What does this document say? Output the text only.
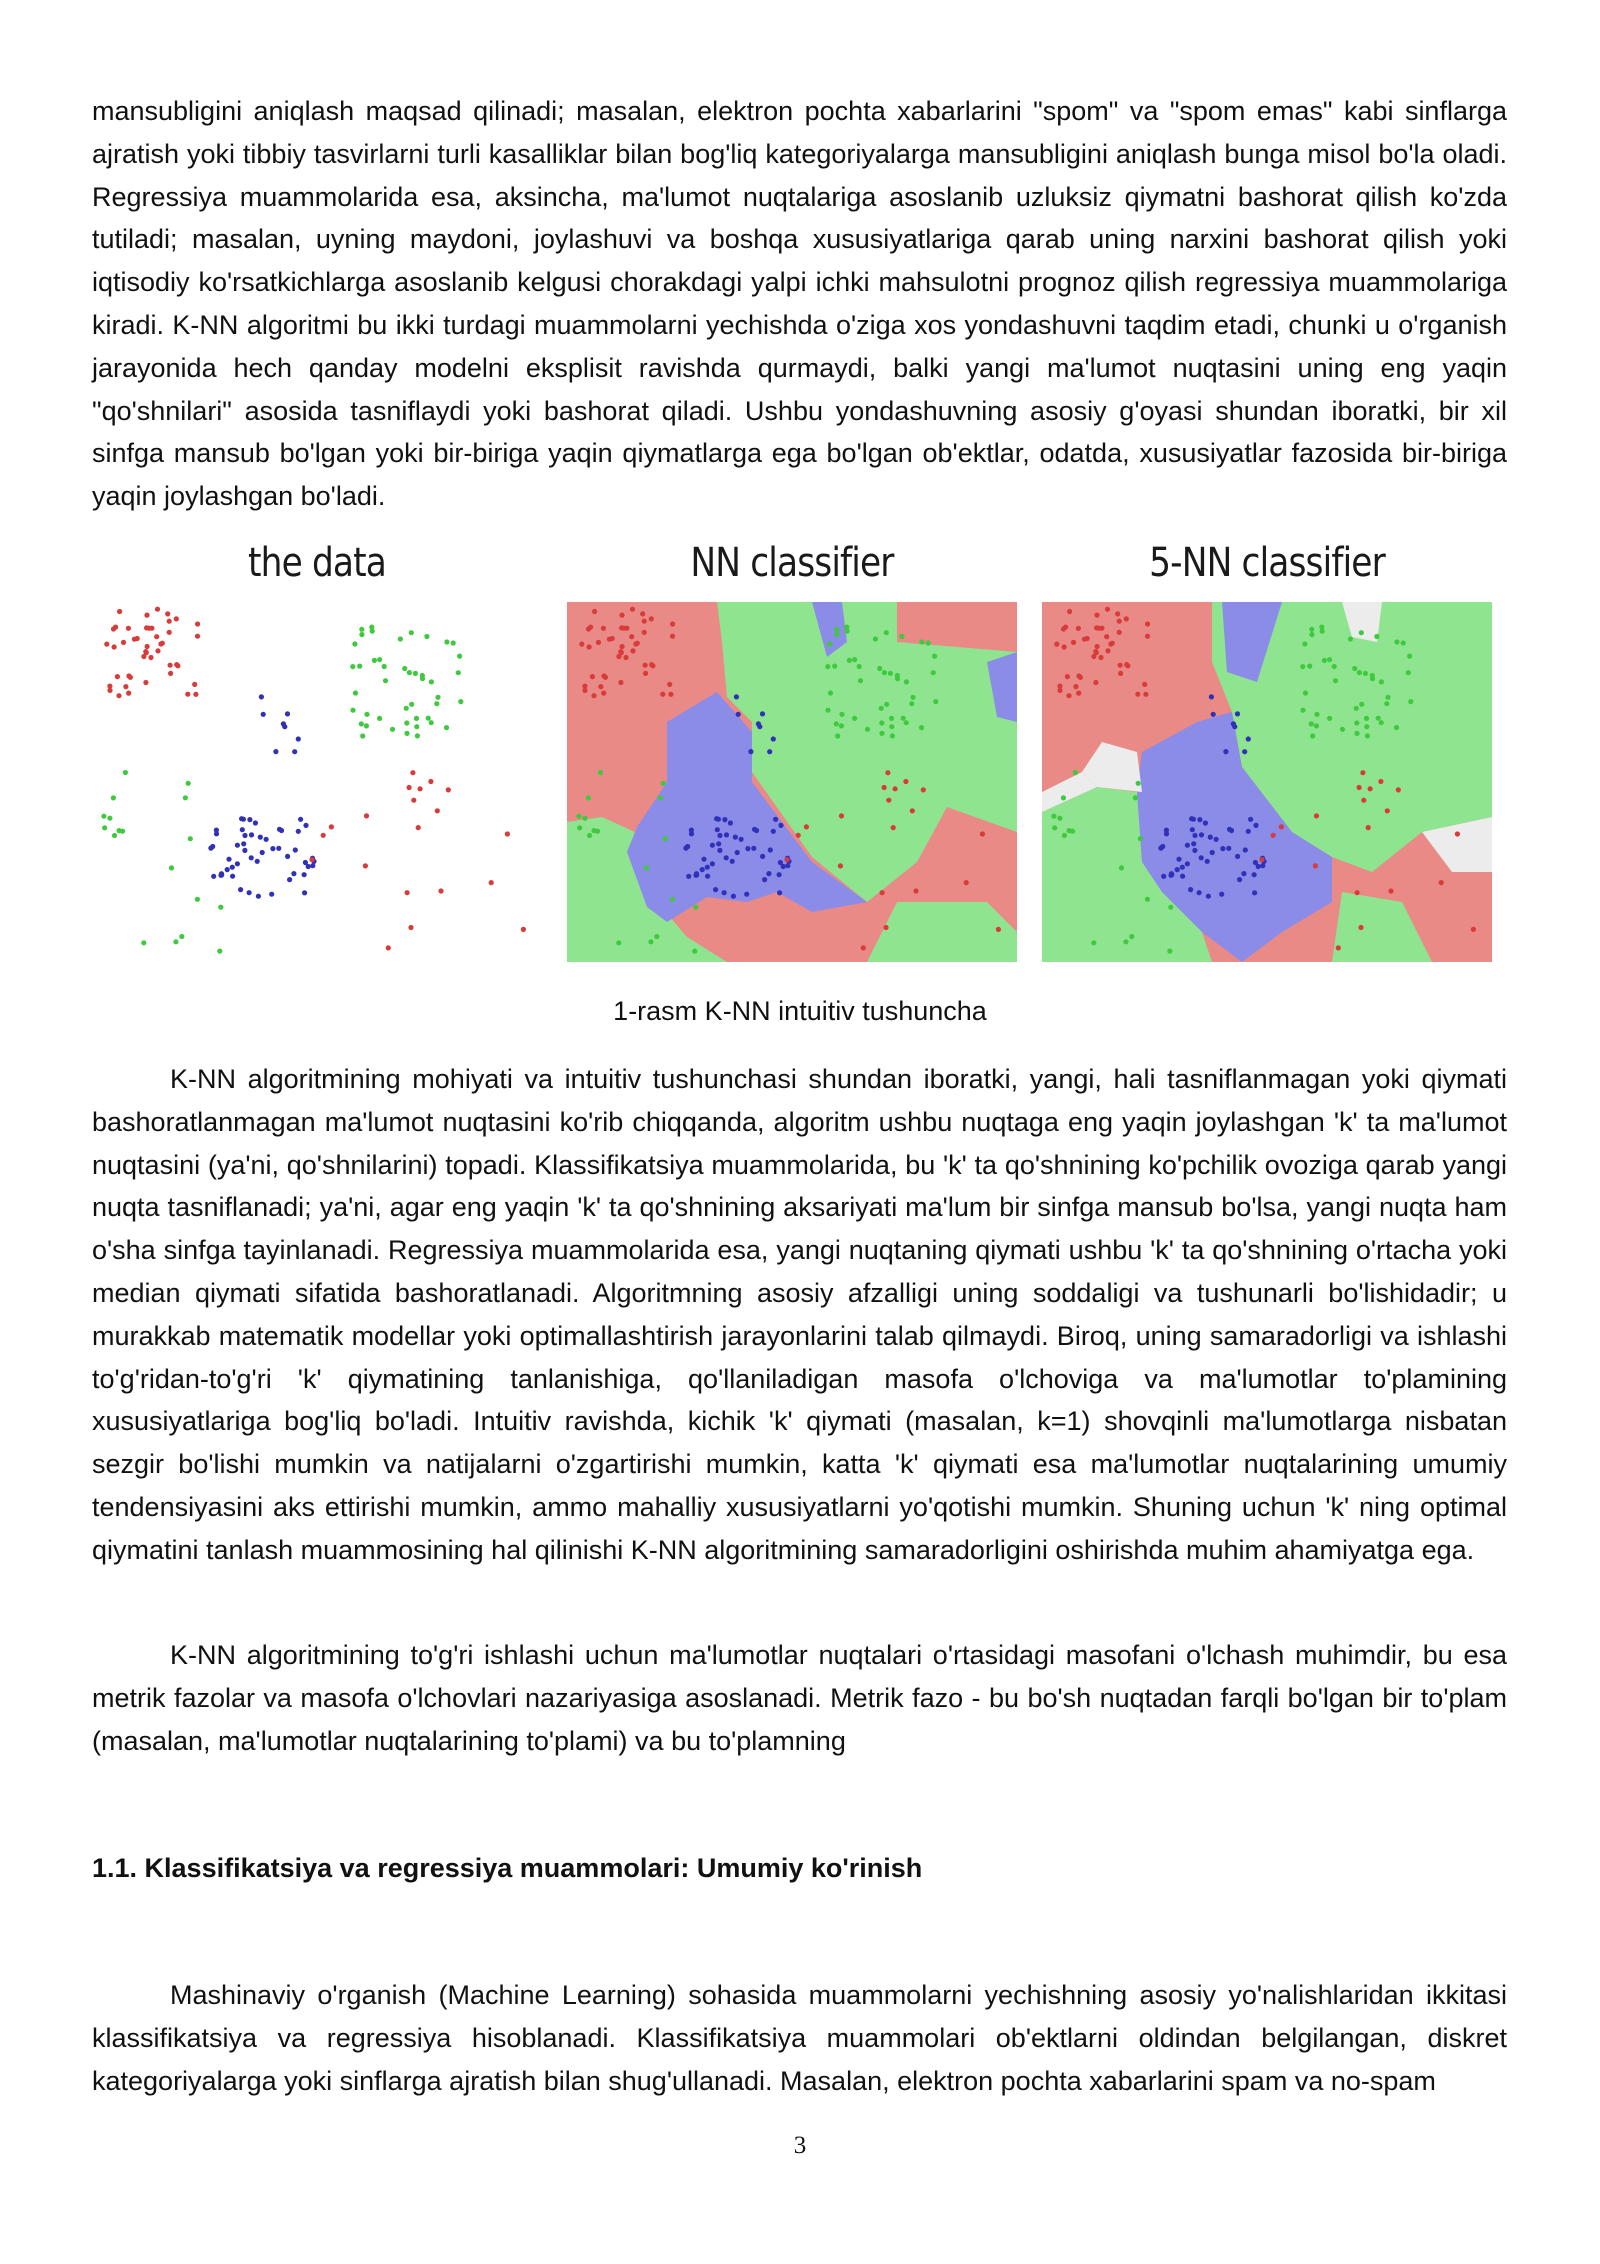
mansubligini aniqlash maqsad qilinadi; masalan, elektron pochta xabarlarini "spom" va "spom emas" kabi sinflarga ajratish yoki tibbiy tasvirlarni turli kasalliklar bilan bog'liq kategoriyalarga mansubligini aniqlash bunga misol bo'la oladi. Regressiya muammolarida esa, aksincha, ma'lumot nuqtalariga asoslanib uzluksiz qiymatni bashorat qilish ko'zda tutiladi; masalan, uyning maydoni, joylashuvi va boshqa xususiyatlariga qarab uning narxini bashorat qilish yoki iqtisodiy ko'rsatkichlarga asoslanib kelgusi chorakdagi yalpi ichki mahsulotni prognoz qilish regressiya muammolariga kiradi. K-NN algoritmi bu ikki turdagi muammolarni yechishda o'ziga xos yondashuvni taqdim etadi, chunki u o'rganish jarayonida hech qanday modelni eksplisit ravishda qurmaydi, balki yangi ma'lumot nuqtasini uning eng yaqin "qo'shnilari" asosida tasniflaydi yoki bashorat qiladi. Ushbu yondashuvning asosiy g'oyasi shundan iboratki, bir xil sinfga mansub bo'lgan yoki bir-biriga yaqin qiymatlarga ega bo'lgan ob'ektlar, odatda, xususiyatlar fazosida bir-biriga yaqin joylashgan bo'ladi.

the data	NN classifier	5-NN classifier

1-rasm K-NN intuitiv tushuncha

K-NN algoritmining mohiyati va intuitiv tushunchasi shundan iboratki, yangi, hali tasniflanmagan yoki qiymati bashoratlanmagan ma'lumot nuqtasini ko'rib chiqqanda, algoritm ushbu nuqtaga eng yaqin joylashgan 'k' ta ma'lumot nuqtasini (ya'ni, qo'shnilarini) topadi. Klassifikatsiya muammolarida, bu 'k' ta qo'shnining ko'pchilik ovoziga qarab yangi nuqta tasniflanadi; ya'ni, agar eng yaqin 'k' ta qo'shnining aksariyati ma'lum bir sinfga mansub bo'lsa, yangi nuqta ham o'sha sinfga tayinlanadi. Regressiya muammolarida esa, yangi nuqtaning qiymati ushbu 'k' ta qo'shnining o'rtacha yoki median qiymati sifatida bashoratlanadi. Algoritmning asosiy afzalligi uning soddaligi va tushunarli bo'lishidadir; u murakkab matematik modellar yoki optimallashtirish jarayonlarini talab qilmaydi. Biroq, uning samaradorligi va ishlashi to'g'ridan-to'g'ri 'k' qiymatining tanlanishiga, qo'llaniladigan masofa o'lchoviga va ma'lumotlar to'plamining xususiyatlariga bog'liq bo'ladi. Intuitiv ravishda, kichik 'k' qiymati (masalan, k=1) shovqinli ma'lumotlarga nisbatan sezgir bo'lishi mumkin va natijalarni o'zgartirishi mumkin, katta 'k' qiymati esa ma'lumotlar nuqtalarining umumiy tendensiyasini aks ettirishi mumkin, ammo mahalliy xususiyatlarni yo'qotishi mumkin. Shuning uchun 'k' ning optimal qiymatini tanlash muammosining hal qilinishi K-NN algoritmining samaradorligini oshirishda muhim ahamiyatga ega.

K-NN algoritmining to'g'ri ishlashi uchun ma'lumotlar nuqtalari o'rtasidagi masofani o'lchash muhimdir, bu esa metrik fazolar va masofa o'lchovlari nazariyasiga asoslanadi. Metrik fazo - bu bo'sh nuqtadan farqli bo'lgan bir to'plam (masalan, ma'lumotlar nuqtalarining to'plami) va bu to'plamning

1.1. Klassifikatsiya va regressiya muammolari: Umumiy ko'rinish

Mashinaviy o'rganish (Machine Learning) sohasida muammolarni yechishning asosiy yo'nalishlaridan ikkitasi klassifikatsiya va regressiya hisoblanadi. Klassifikatsiya muammolari ob'ektlarni oldindan belgilangan, diskret kategoriyalarga yoki sinflarga ajratish bilan shug'ullanadi. Masalan, elektron pochta xabarlarini spam va no-spam

3
